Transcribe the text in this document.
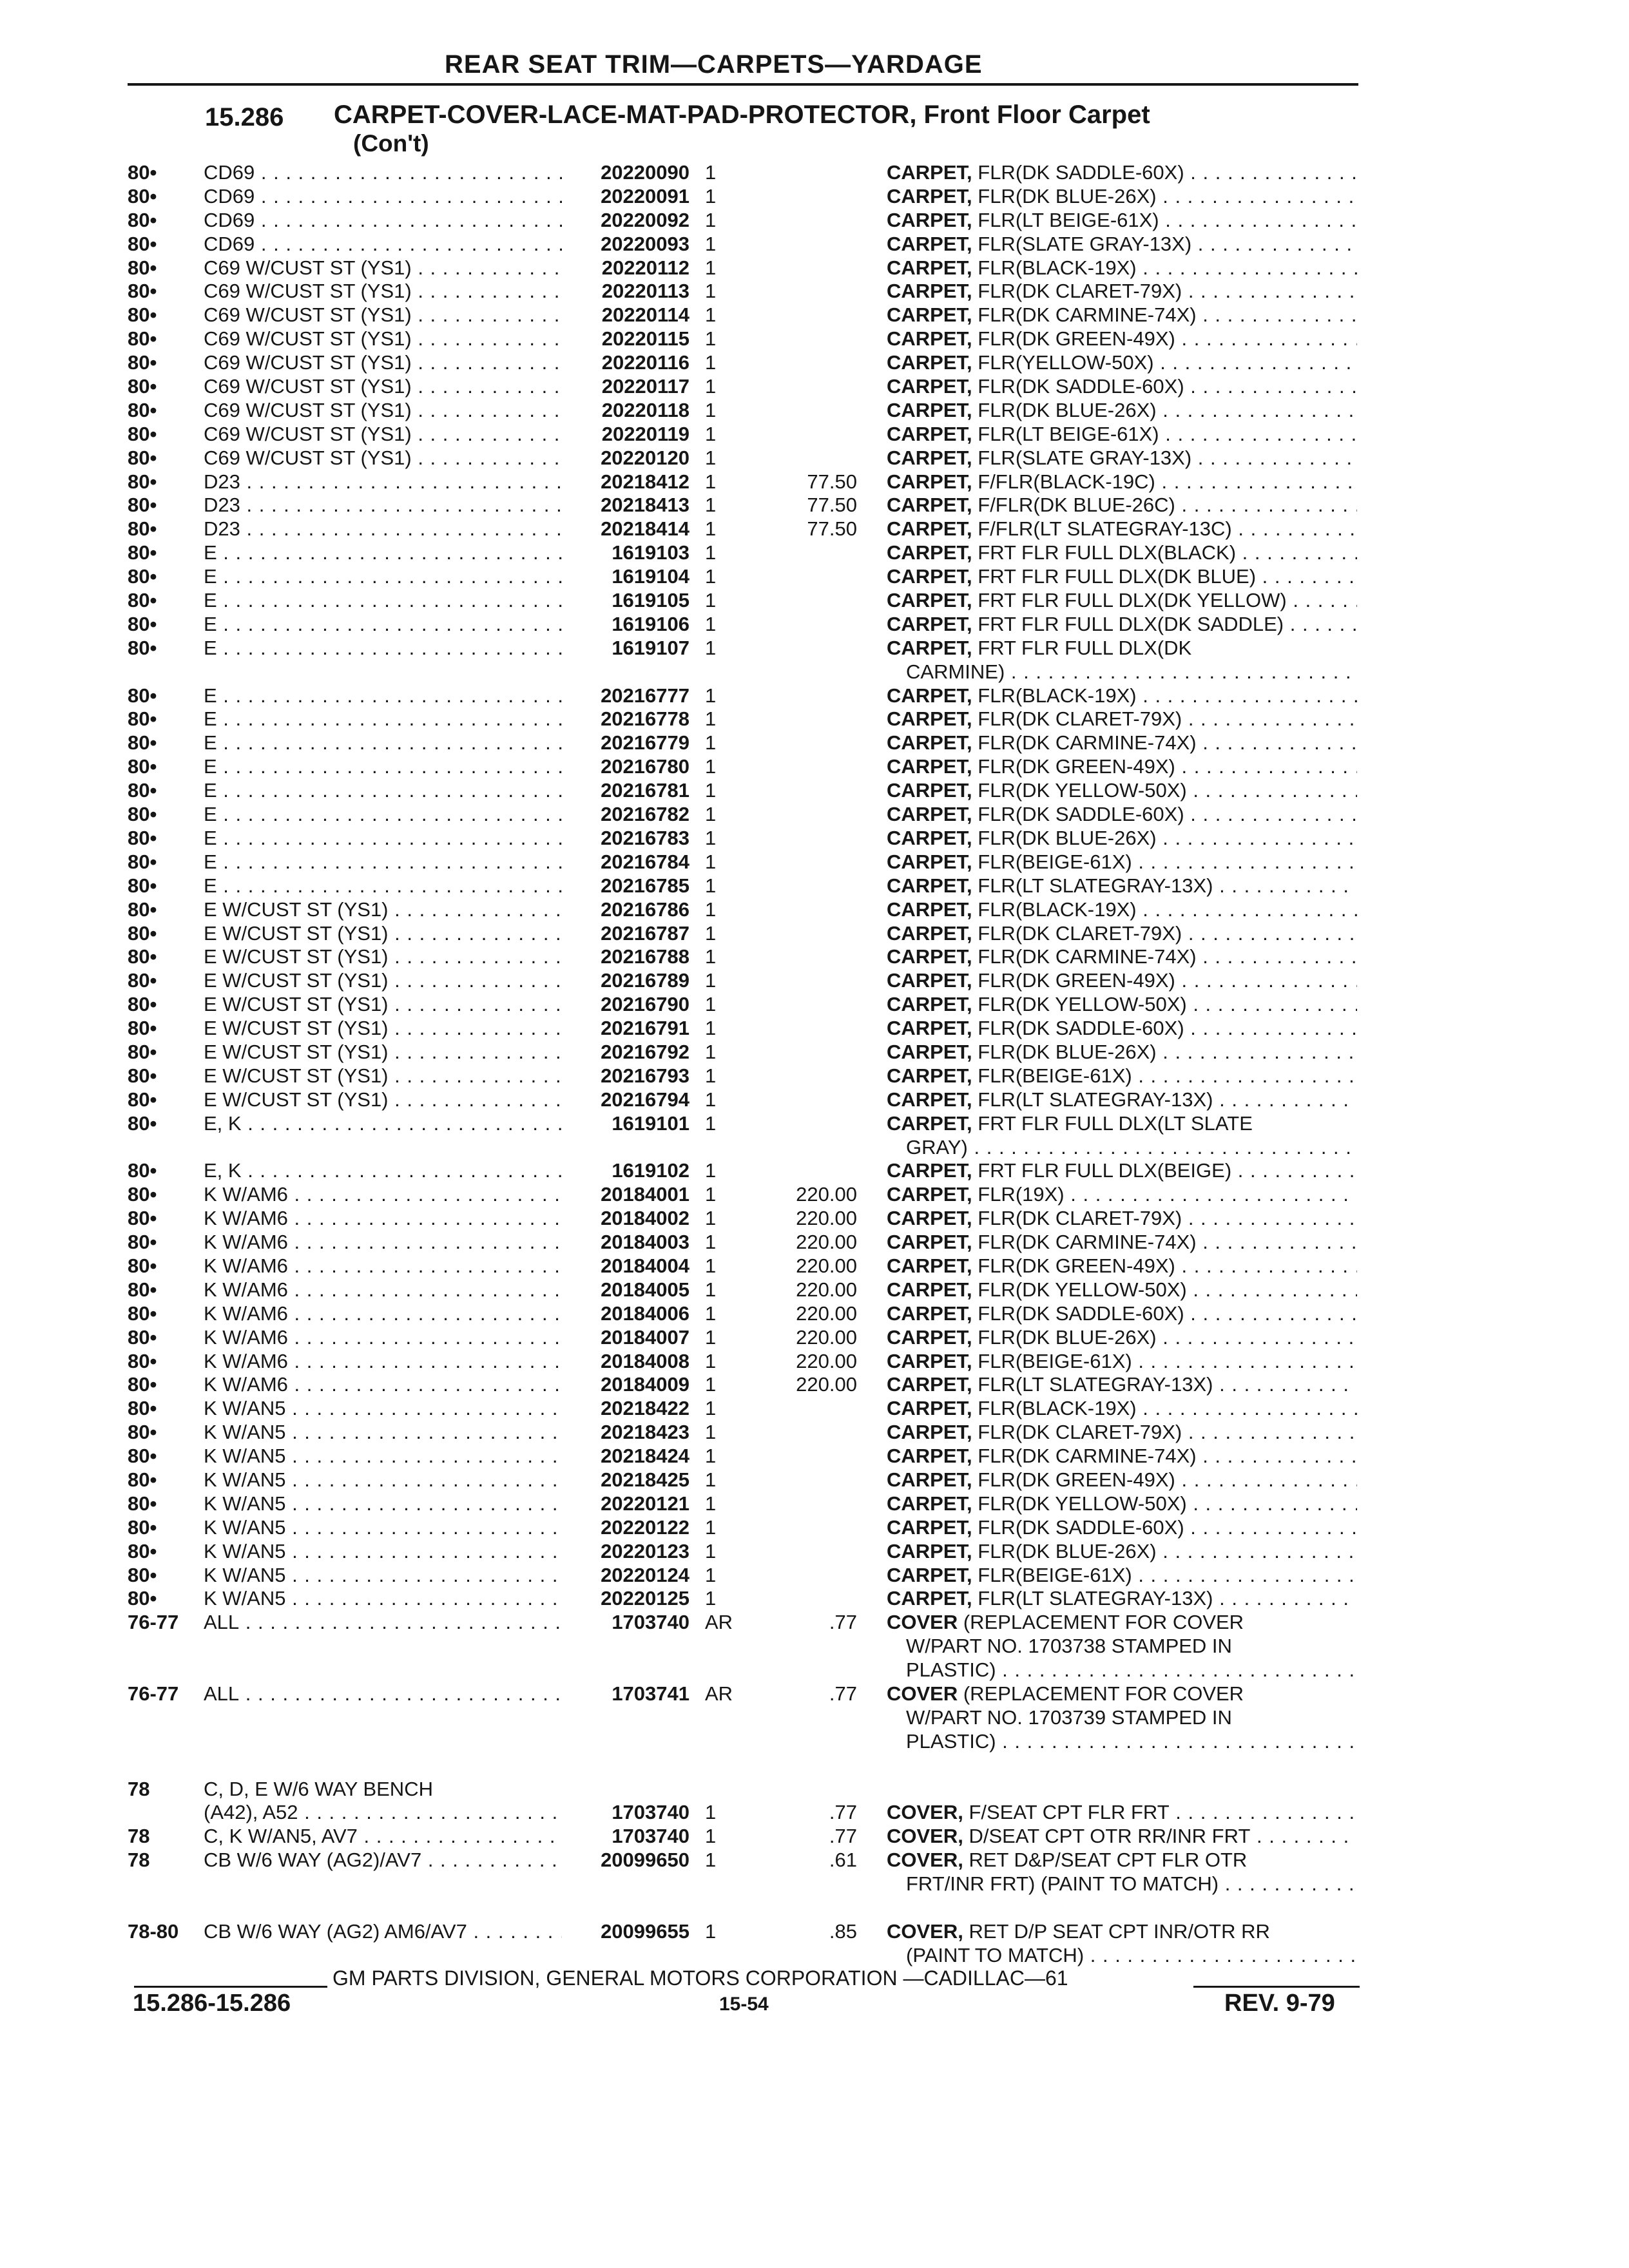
REAR SEAT TRIM—CARPETS—YARDAGE
15.286 CARPET-COVER-LACE-MAT-PAD-PROTECTOR, Front Floor Carpet
(Con't)
80• CD69 . . .	20220090 1	CARPET, FLR(DK SADDLE-60X) . . .
80• CD69 . . .	20220091 1	CARPET, FLR(DK BLUE-26X) . . .
80• CD69 . . .	20220092 1	CARPET, FLR(LT BEIGE-61X) . . .
80• CD69 . . .	20220093 1	CARPET, FLR(SLATE GRAY-13X) . . .
80• C69 W/CUST ST (YS1) . . .	20220112 1	CARPET, FLR(BLACK-19X) . . .
80• C69 W/CUST ST (YS1) . . .	20220113 1	CARPET, FLR(DK CLARET-79X) . . .
80• C69 W/CUST ST (YS1) . . .	20220114 1	CARPET, FLR(DK CARMINE-74X) . . .
80• C69 W/CUST ST (YS1) . . .	20220115 1	CARPET, FLR(DK GREEN-49X) . . .
80• C69 W/CUST ST (YS1) . . .	20220116 1	CARPET, FLR(YELLOW-50X) . . .
80• C69 W/CUST ST (YS1) . . .	20220117 1	CARPET, FLR(DK SADDLE-60X) . . .
80• C69 W/CUST ST (YS1) . . .	20220118 1	CARPET, FLR(DK BLUE-26X) . . .
80• C69 W/CUST ST (YS1) . . .	20220119 1	CARPET, FLR(LT BEIGE-61X) . . .
80• C69 W/CUST ST (YS1) . . .	20220120 1	CARPET, FLR(SLATE GRAY-13X) . . .
80• D23 . . .	20218412 1	77.50 CARPET, F/FLR(BLACK-19C) . . .
80• D23 . . .	20218413 1	77.50 CARPET, F/FLR(DK BLUE-26C) . . .
80• D23 . . .	20218414 1	77.50 CARPET, F/FLR(LT SLATEGRAY-13C) . . .
80• E . . .	1619103 1	CARPET, FRT FLR FULL DLX(BLACK) . . .
80• E . . .	1619104 1	CARPET, FRT FLR FULL DLX(DK BLUE) . . .
80• E . . .	1619105 1	CARPET, FRT FLR FULL DLX(DK YELLOW) . . .
80• E . . .	1619106 1	CARPET, FRT FLR FULL DLX(DK SADDLE) . . .
80• E . . .	1619107 1	CARPET, FRT FLR FULL DLX(DK
CARMINE) . . .
80• E . . .	20216777 1	CARPET, FLR(BLACK-19X) . . .
80• E . . .	20216778 1	CARPET, FLR(DK CLARET-79X) . . .
80• E . . .	20216779 1	CARPET, FLR(DK CARMINE-74X) . . .
80• E . . .	20216780 1	CARPET, FLR(DK GREEN-49X) . . .
80• E . . .	20216781 1	CARPET, FLR(DK YELLOW-50X) . . .
80• E . . .	20216782 1	CARPET, FLR(DK SADDLE-60X) . . .
80• E . . .	20216783 1	CARPET, FLR(DK BLUE-26X) . . .
80• E . . .	20216784 1	CARPET, FLR(BEIGE-61X) . . .
80• E . . .	20216785 1	CARPET, FLR(LT SLATEGRAY-13X) . . .
80• E W/CUST ST (YS1) . . .	20216786 1	CARPET, FLR(BLACK-19X) . . .
80• E W/CUST ST (YS1) . . .	20216787 1	CARPET, FLR(DK CLARET-79X) . . .
80• E W/CUST ST (YS1) . . .	20216788 1	CARPET, FLR(DK CARMINE-74X) . . .
80• E W/CUST ST (YS1) . . .	20216789 1	CARPET, FLR(DK GREEN-49X) . . .
80• E W/CUST ST (YS1) . . .	20216790 1	CARPET, FLR(DK YELLOW-50X) . . .
80• E W/CUST ST (YS1) . . .	20216791 1	CARPET, FLR(DK SADDLE-60X) . . .
80• E W/CUST ST (YS1) . . .	20216792 1	CARPET, FLR(DK BLUE-26X) . . .
80• E W/CUST ST (YS1) . . .	20216793 1	CARPET, FLR(BEIGE-61X) . . .
80• E W/CUST ST (YS1) . . .	20216794 1	CARPET, FLR(LT SLATEGRAY-13X) . . .
80• E, K . . .	1619101 1	CARPET, FRT FLR FULL DLX(LT SLATE
GRAY) . . .
80• E, K . . .	1619102 1	CARPET, FRT FLR FULL DLX(BEIGE) . . .
80• K W/AM6 . . .	20184001 1	220.00 CARPET, FLR(19X) . . .
80• K W/AM6 . . .	20184002 1	220.00 CARPET, FLR(DK CLARET-79X) . . .
80• K W/AM6 . . .	20184003 1	220.00 CARPET, FLR(DK CARMINE-74X) . . .
80• K W/AM6 . . .	20184004 1	220.00 CARPET, FLR(DK GREEN-49X) . . .
80• K W/AM6 . . .	20184005 1	220.00 CARPET, FLR(DK YELLOW-50X) . . .
80• K W/AM6 . . .	20184006 1	220.00 CARPET, FLR(DK SADDLE-60X) . . .
80• K W/AM6 . . .	20184007 1	220.00 CARPET, FLR(DK BLUE-26X) . . .
80• K W/AM6 . . .	20184008 1	220.00 CARPET, FLR(BEIGE-61X) . . .
80• K W/AM6 . . .	20184009 1	220.00 CARPET, FLR(LT SLATEGRAY-13X) . . .
80• K W/AN5 . . .	20218422 1	CARPET, FLR(BLACK-19X) . . .
80• K W/AN5 . . .	20218423 1	CARPET, FLR(DK CLARET-79X) . . .
80• K W/AN5 . . .	20218424 1	CARPET, FLR(DK CARMINE-74X) . . .
80• K W/AN5 . . .	20218425 1	CARPET, FLR(DK GREEN-49X) . . .
80• K W/AN5 . . .	20220121 1	CARPET, FLR(DK YELLOW-50X) . . .
80• K W/AN5 . . .	20220122 1	CARPET, FLR(DK SADDLE-60X) . . .
80• K W/AN5 . . .	20220123 1	CARPET, FLR(DK BLUE-26X) . . .
80• K W/AN5 . . .	20220124 1	CARPET, FLR(BEIGE-61X) . . .
80• K W/AN5 . . .	20220125 1	CARPET, FLR(LT SLATEGRAY-13X) . . .
76-77 ALL . . .	1703740 AR	.77 COVER (REPLACEMENT FOR COVER
W/PART NO. 1703738 STAMPED IN
PLASTIC) . . .
76-77 ALL . . .	1703741 AR	.77 COVER (REPLACEMENT FOR COVER
W/PART NO. 1703739 STAMPED IN
PLASTIC) . . .
78	C, D, E W/6 WAY BENCH
(A42), A52 . . .	1703740 1	.77 COVER, F/SEAT CPT FLR FRT . . .
78	C, K W/AN5, AV7 . . .	1703740 1	.77 COVER, D/SEAT CPT OTR RR/INR FRT . . .
78	CB W/6 WAY (AG2)/AV7 . . .	20099650 1	.61 COVER, RET D&P/SEAT CPT FLR OTR
FRT/INR FRT) (PAINT TO MATCH) . . .
78-80 CB W/6 WAY (AG2) AM6/AV7 . . .	20099655 1	.85 COVER, RET D/P SEAT CPT INR/OTR RR
(PAINT TO MATCH) . . .
GM PARTS DIVISION, GENERAL MOTORS CORPORATION —CADILLAC—61
15.286-15.286	15-54	REV. 9-79
